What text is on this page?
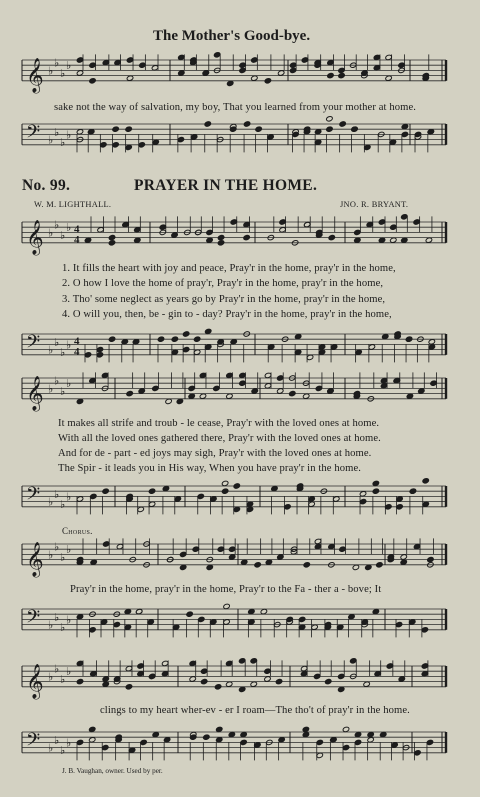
The Mother's Good-bye.
𝄞 ♭
♭
♭
♭
sake not the way of salvation, my boy, That you learned from your mother at home.
𝄢 ♭
♭
♭
♭
No. 99.	PRAYER IN THE HOME.
W. M. LIGHTHALL.	JNO. R. BRYANT.
𝄞 ♭
♭
♭
♭ 4
4
1. It fills the heart with joy and peace, Pray'r in the home, pray'r in the home,
2. O how I love the home of pray'r, Pray'r in the home, pray'r in the home,
3. Tho' some neglect as years go by Pray'r in the home, pray'r in the home,
4. O will you, then, be - gin to - day? Pray'r in the home, pray'r in the home,
𝄢 ♭
♭
♭
♭ 4
4
𝄞 ♭
♭
♭
♭
It makes all strife and troub - le cease, Pray'r with the loved ones at home.
With all the loved ones gathered there, Pray'r with the loved ones at home.
And for de - part - ed joys may sigh, Pray'r with the loved ones at home.
The Spir - it leads you in His way, When you have pray'r in the home.
𝄢 ♭
♭
♭
♭
Chorus.
𝄞 ♭
♭
♭
♭
Pray'r in the home, pray'r in the home, Pray'r to the Fa - ther a - bove; It
𝄢 ♭
♭
♭
♭
𝄞 ♭
♭
♭
♭
clings to my heart wher-ev - er I roam—The tho't of pray'r in the home.
𝄢 ♭
♭
♭
♭
J. B. Vaughan, owner. Used by per.
